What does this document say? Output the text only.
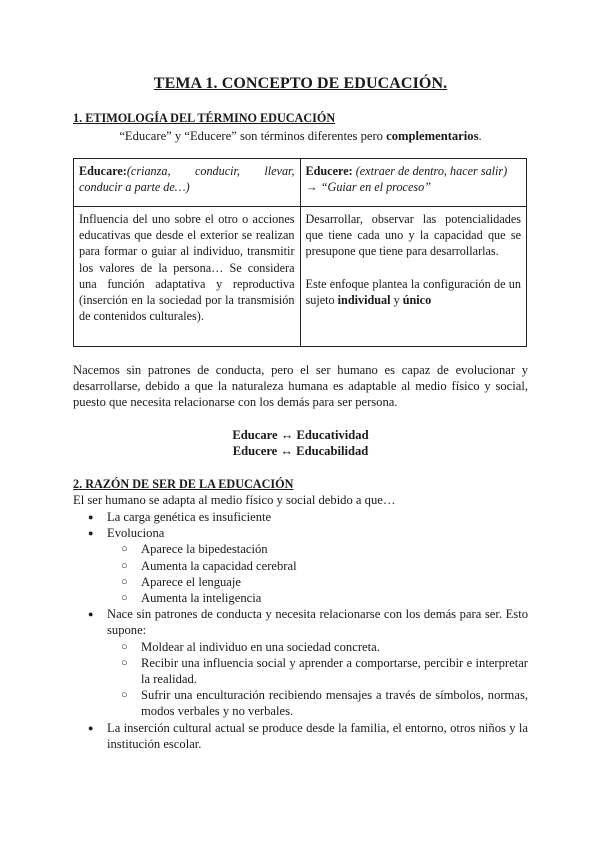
TEMA 1. CONCEPTO DE EDUCACIÓN.
1. ETIMOLOGÍA DEL TÉRMINO EDUCACIÓN
“Educare” y “Educere” son términos diferentes pero complementarios.
Educare:(crianza, conducir, llevar, conducir a parte de…)	Educere: (extraer de dentro, hacer salir)
→ “Guiar en el proceso”
Influencia del uno sobre el otro o acciones educativas que desde el exterior se realizan para formar o guiar al individuo, transmitir los valores de la persona… Se considera una función adaptativa y reproductiva (inserción en la sociedad por la transmisión de contenidos culturales).	Desarrollar, observar las potencialidades que tiene cada uno y la capacidad que se presupone que tiene para desarrollarlas.
Este enfoque plantea la configuración de un sujeto individual y único
Nacemos sin patrones de conducta, pero el ser humano es capaz de evolucionar y desarrollarse, debido a que la naturaleza humana es adaptable al medio físico y social, puesto que necesita relacionarse con los demás para ser persona.
Educare ↔ Educatividad
Educere ↔ Educabilidad
2. RAZÓN DE SER DE LA EDUCACIÓN
El ser humano se adapta al medio físico y social debido a que…
● La carga genética es insuficiente
● Evoluciona
○ Aparece la bipedestación
○ Aumenta la capacidad cerebral
○ Aparece el lenguaje
○ Aumenta la inteligencia
● Nace sin patrones de conducta y necesita relacionarse con los demás para ser. Esto supone:
○ Moldear al individuo en una sociedad concreta.
○ Recibir una influencia social y aprender a comportarse, percibir e interpretar la realidad.
○ Sufrir una enculturación recibiendo mensajes a través de símbolos, normas, modos verbales y no verbales.
● La inserción cultural actual se produce desde la familia, el entorno, otros niños y la institución escolar.
